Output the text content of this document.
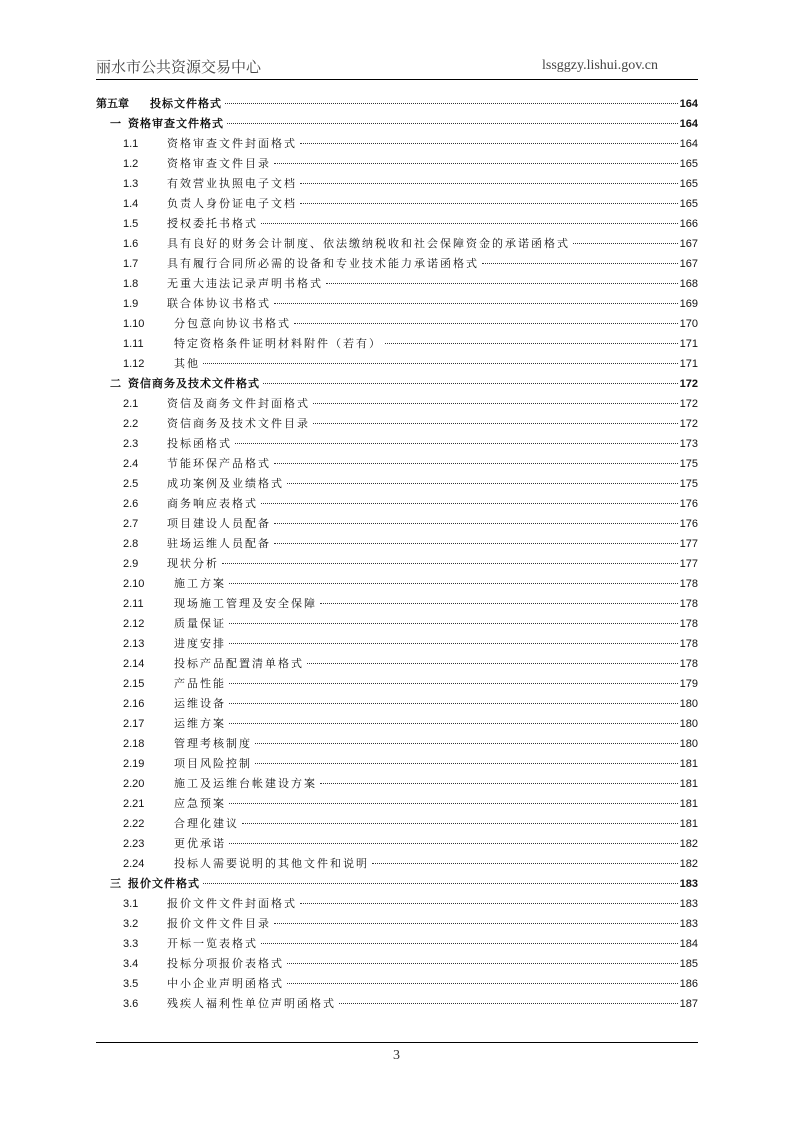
丽水市公共资源交易中心	lssggzy.lishui.gov.cn
第五章	投标文件格式	164
一 资格审查文件格式	164
1.1	资格审查文件封面格式	164
1.2	资格审查文件目录	165
1.3	有效营业执照电子文档	165
1.4	负责人身份证电子文档	165
1.5	授权委托书格式	166
1.6	具有良好的财务会计制度、依法缴纳税收和社会保障资金的承诺函格式	167
1.7	具有履行合同所必需的设备和专业技术能力承诺函格式	167
1.8	无重大违法记录声明书格式	168
1.9	联合体协议书格式	169
1.10	分包意向协议书格式	170
1.11	特定资格条件证明材料附件（若有）	171
1.12	其他	171
二 资信商务及技术文件格式	172
2.1	资信及商务文件封面格式	172
2.2	资信商务及技术文件目录	172
2.3	投标函格式	173
2.4	节能环保产品格式	175
2.5	成功案例及业绩格式	175
2.6	商务响应表格式	176
2.7	项目建设人员配备	176
2.8	驻场运维人员配备	177
2.9	现状分析	177
2.10	施工方案	178
2.11	现场施工管理及安全保障	178
2.12	质量保证	178
2.13	进度安排	178
2.14	投标产品配置清单格式	178
2.15	产品性能	179
2.16	运维设备	180
2.17	运维方案	180
2.18	管理考核制度	180
2.19	项目风险控制	181
2.20	施工及运维台帐建设方案	181
2.21	应急预案	181
2.22	合理化建议	181
2.23	更优承诺	182
2.24	投标人需要说明的其他文件和说明	182
三 报价文件格式	183
3.1	报价文件文件封面格式	183
3.2	报价文件文件目录	183
3.3	开标一览表格式	184
3.4	投标分项报价表格式	185
3.5	中小企业声明函格式	186
3.6	残疾人福利性单位声明函格式	187
3
